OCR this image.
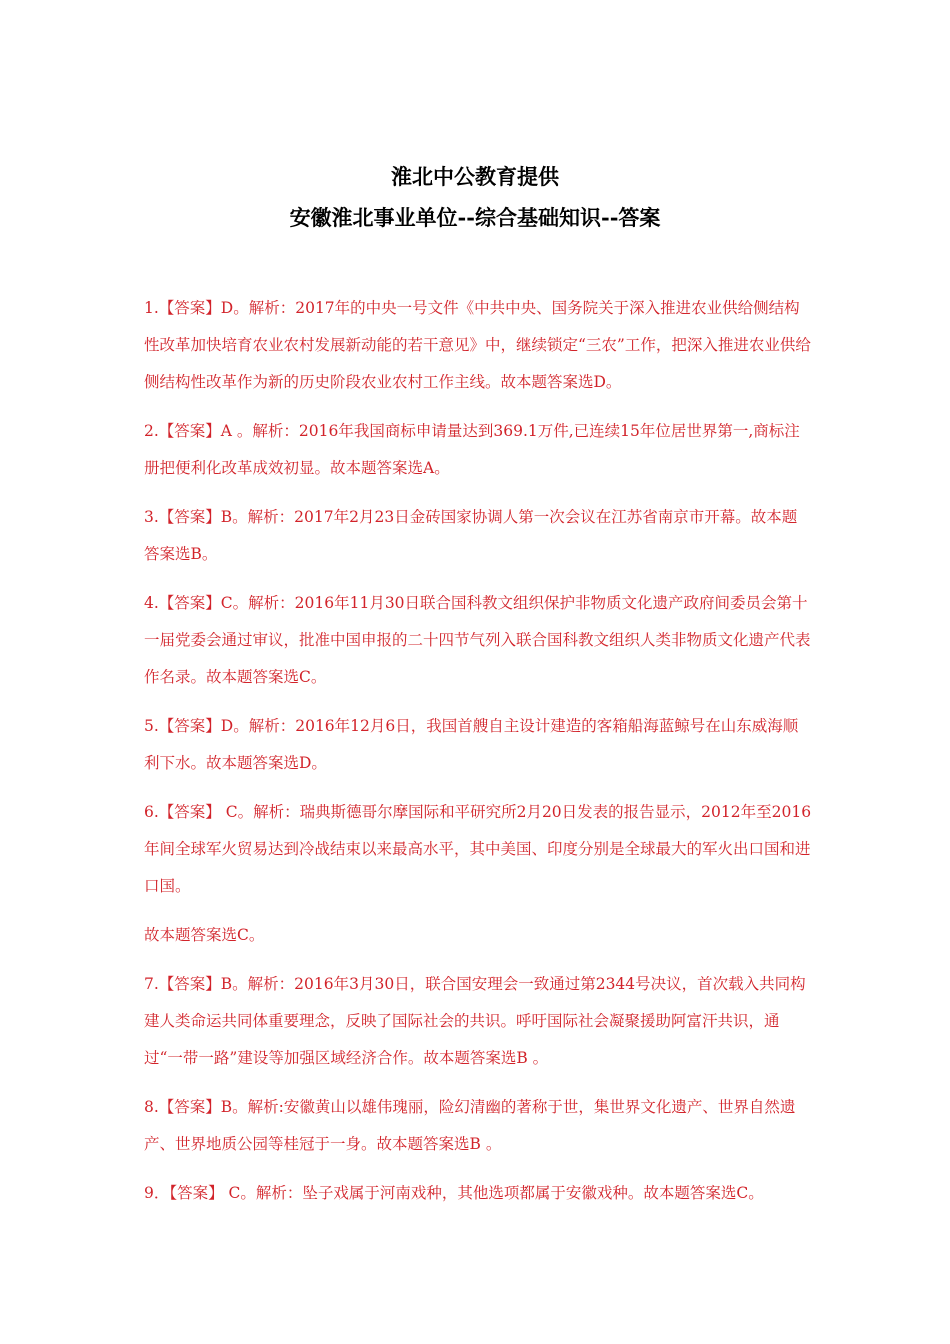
淮北中公教育提供
安徽淮北事业单位--综合基础知识--答案

1.【答案】D。解析：2017年的中央一号文件《中共中央、国务院关于深入推进农业供给侧结构性改革加快培育农业农村发展新动能的若干意见》中，继续锁定“三农”工作，把深入推进农业供给侧结构性改革作为新的历史阶段农业农村工作主线。故本题答案选D。

2.【答案】A 。解析：2016年我国商标申请量达到369.1万件,已连续15年位居世界第一,商标注册把便利化改革成效初显。故本题答案选A。

3.【答案】B。解析：2017年2月23日金砖国家协调人第一次会议在江苏省南京市开幕。故本题答案选B。

4.【答案】C。解析：2016年11月30日联合国科教文组织保护非物质文化遗产政府间委员会第十一届党委会通过审议，批准中国申报的二十四节气列入联合国科教文组织人类非物质文化遗产代表作名录。故本题答案选C。

5.【答案】D。解析：2016年12月6日，我国首艘自主设计建造的客箱船海蓝鲸号在山东威海顺利下水。故本题答案选D。

6.【答案】 C。解析：瑞典斯德哥尔摩国际和平研究所2月20日发表的报告显示，2012年至2016年间全球军火贸易达到冷战结束以来最高水平，其中美国、印度分别是全球最大的军火出口国和进口国。

故本题答案选C。

7.【答案】B。解析：2016年3月30日，联合国安理会一致通过第2344号决议，首次载入共同构建人类命运共同体重要理念，反映了国际社会的共识。呼吁国际社会凝聚援助阿富汗共识，通过“一带一路”建设等加强区域经济合作。故本题答案选B 。

8.【答案】B。解析:安徽黄山以雄伟瑰丽，险幻清幽的著称于世，集世界文化遗产、世界自然遗产、世界地质公园等桂冠于一身。故本题答案选B 。

9．【答案】 C。解析：坠子戏属于河南戏种，其他选项都属于安徽戏种。故本题答案选C。
